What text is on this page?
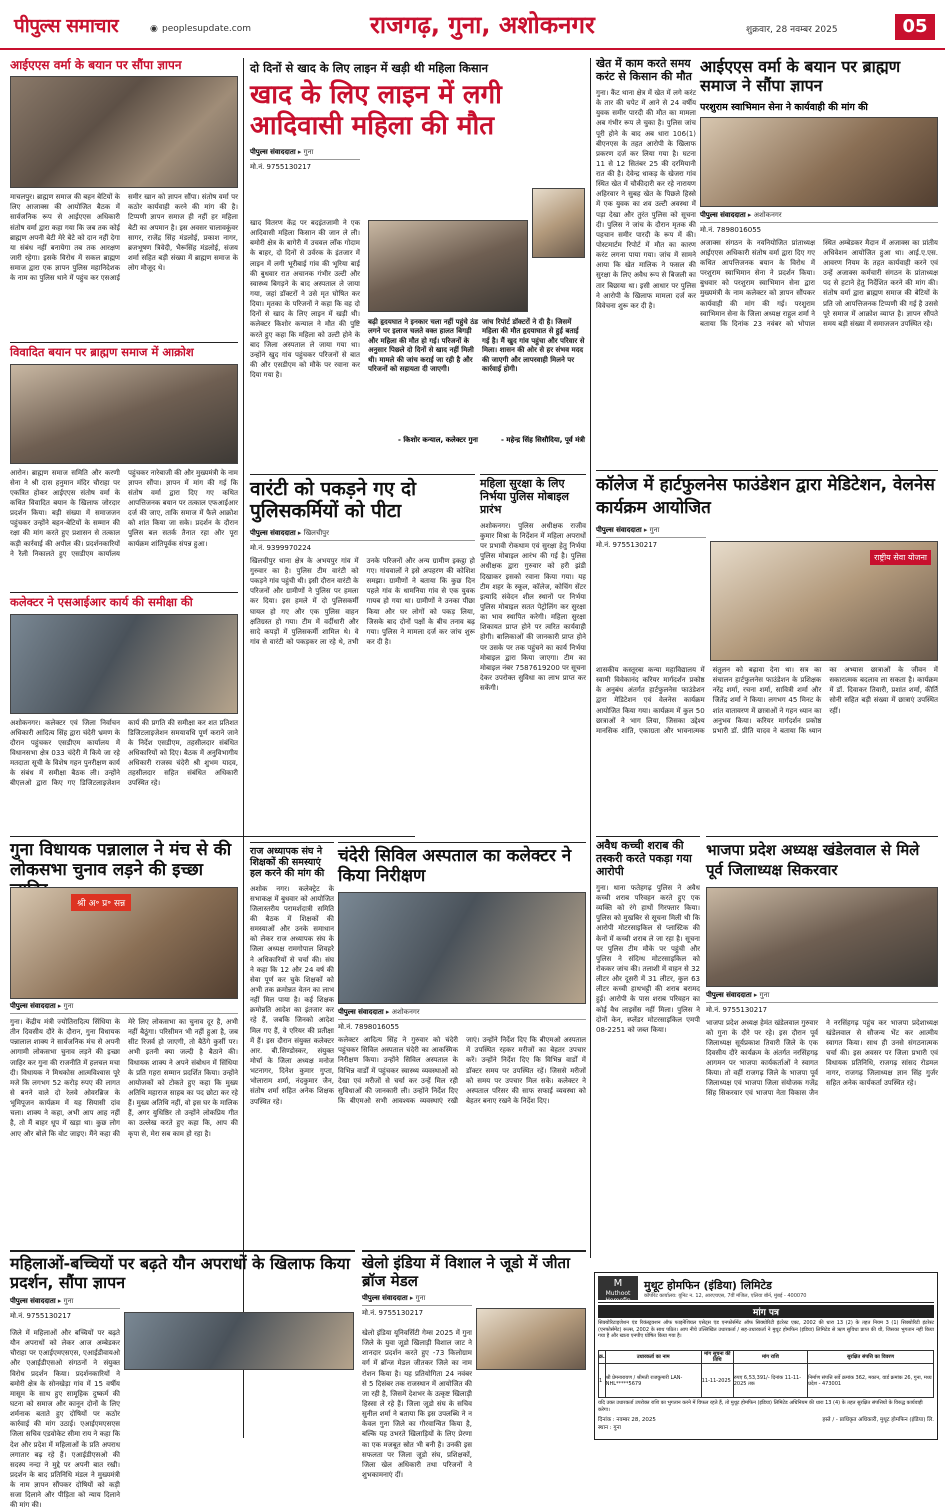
पीपुल्स समाचार	◉ peoplesupdate.com	राजगढ़, गुना, अशोकनगर	शुक्रवार, 28 नवम्बर 2025	05
आईएएस वर्मा के बयान पर सौंपा ज्ञापन
माचलपुर। ब्राह्मण समाज की बहन बेटियों के लिए आजाक्स की आयोजित बैठक में सार्वजनिक रूप से आईएएस अधिकारी संतोष वर्मा द्वारा कहा गया कि जब तक कोई ब्राह्मण अपनी बेटी मेरे बेटे को दान नहीं देगा या संबंध नहीं बनायेगा तब तक आरक्षण जारी रहेगा। इसके विरोध में सकल ब्राह्मण समाज द्वारा एक ज्ञापन पुलिस महानिदेशक के नाम का पुलिस थाने में पहुंच कर एसआई समीर खान को ज्ञापन सौंपा। संतोष वर्मा पर कठोर कार्यवाही करने की मांग की है। टिप्पणी ज्ञापन समाज ही नहीं हर महिला बेटी का अपमान है। इस अवसर चालावकूंवर सागर, राजेंद्र सिंह मंडलोई, प्रकाश नागर, ब्रजभूषण त्रिवेदी, भैरूसिंह मंडलोई, संजय शर्मा सहित बड़ी संख्या में ब्राह्मण समाज के लोग मौजूद थे।
विवादित बयान पर ब्राह्मण समाज में आक्रोश
आरोन। ब्राह्मण समाज समिति और करणी सेना ने श्री दास हनुमान मंदिर चौराहा पर एकत्रित होकर आईएएस संतोष वर्मा के कथित विवादित बयान के खिलाफ जोरदार प्रदर्शन किया। बड़ी संख्या में समाजजन पहुंचकर उन्होंने बहन-बेटियों के सम्मान की रक्षा की मांग करते हुए प्रशासन से तत्काल कड़ी कार्रवाई की अपील की। प्रदर्शनकारियों ने रैली निकालते हुए एसडीएम कार्यालय पहुंचकर नारेबाजी की और मुख्यमंत्री के नाम ज्ञापन सौंपा। ज्ञापन में मांग की गई कि संतोष वर्मा द्वारा दिए गए कथित आपत्तिजनक बयान पर तत्काल एफआईआर दर्ज की जाए, ताकि समाज में फैले आक्रोश को शांत किया जा सके। प्रदर्शन के दौरान पुलिस बल सतर्क तैनात रहा और पूरा कार्यक्रम शांतिपूर्वक संपन्न हुआ।
कलेक्टर ने एसआईआर कार्य की समीक्षा की
अशोकनगर। कलेक्टर एवं जिला निर्वाचन अधिकारी आदित्य सिंह द्वारा चंदेरी भ्रमण के दौरान पहुंचकर एसडीएम कार्यालय में विधानसभा क्षेत्र 033 चंदेरी में किये जा रहे मतदाता सूची के विशेष गहन पुनरीक्षण कार्य के संबंध में समीक्षा बैठक ली। उन्होंने बीएलओ द्वारा किए गए डिजिटलाइजेशन कार्य की प्रगति की समीक्षा कर शत प्रतिशत डिजिटलाइजेशन समयावधि पूर्ण कराने जाने के निर्देश एसडीएम, तहसीलदार संबंधित अधिकारियों को दिए। बैठक में अनुविभागीय अधिकारी राजस्व चंदेरी श्री शुभम यादव, तहसीलदार सहित संबंधित अधिकारी उपस्थित रहे।
गुना विधायक पन्नालाल ने मंच से की लोकसभा चुनाव लड़ने की इच्छा
श्री अ॰ प्र॰ सन्न
पीपुल्स संवाददाता ▸ गुना
गुना। केंद्रीय मंत्री ज्योतिरादित्य सिंधिया के तीन दिवसीय दौरे के दौरान, गुना विधायक पन्नालाल शाक्य ने सार्वजनिक मंच से अपनी आगामी लोकसभा चुनाव लड़ने की इच्छा जाहिर कर गुना की राजनीति में हलचल मचा दी। विधायक ने मिथकोस आत्मविश्वास पूरे मजे कि लगभग 52 करोड़ रुपए की लागत से बनने वाले दो रेलवे ओवरब्रिज के भूमिपूजन कार्यक्रम में यह सियासी दांव चला। शाक्य ने कहा, अभी आप आह नहीं है, तो मैं बाहर धूप में खड़ा था। कुछ लोग आए और बोले कि वोट जाइए। मैंने कहा की मेरे लिए लोकसभा का चुनाव दूर है, अभी नहीं बैठूंगा। परिसीमन भी नहीं हुआ है, जब सीट रिजर्व हो जाएगी, तो बैठेंगे कुर्सी पर। अभी इतनी क्या जल्दी है बैठाने की। विधायक शाक्य ने अपने संबोधन में सिंधिया के प्रति गहरा सम्मान प्रदर्शित किया। उन्होंने आयोजकों को टोकते हुए कहा कि मुख्य अतिथि महाराज साहब का पद छोटा कर रहे हैं। मुख्य अतिथि नहीं, वो इस घर के मालिक हैं, अगर युधिष्ठिर तो उन्होंने लोकप्रिय गीत का उल्लेख करते हुए कहा कि, आप की कृपा से, मेरा सब काम हो रहा है।
दो दिनों से खाद के लिए लाइन में खड़ी थी महिला किसान
खाद के लिए लाइन में लगी आदिवासी महिला की मौत
पीपुल्स संवाददाता ▸ गुना
मो.नं. 9755130217
खाद वितरण केंद्र पर बदइंतजामी ने एक आदिवासी महिला किसान की जान ले ली। बमोरी क्षेत्र के बागेरी में उचवल लाँक गोदाम के बाहर, दो दिनों से उर्वरक के इंतजार में लाइन में लगी भूरीबाई गांव की भूरिया बाई की बुधवार रात अचानक गंभीर उल्टी और स्वास्थ्य बिगड़ने के बाद अस्पताल ले जाया गया, जहां डॉक्टरों ने उसे मृत घोषित कर दिया। मृतका के परिजनों ने कहा कि वह दो दिनों से खाद के लिए लाइन में खड़ी थी। कलेक्टर किशोर कन्याल ने मौत की पुष्टि करते हुए कहा कि महिला को उल्टी होने के बाद जिला अस्पताल ले जाया गया था। उन्होंने खुद गांव पहुंचकर परिजनों से बात की और एसडीएम को मौके पर रवाना कर दिया गया है।
बढ़ी हृदयघात ने इनकार चला नहीं पहुंचे ठंड लगने पर इलाज चलते वक्त हालत बिगड़ी और महिला की मौत हो गई। परिजनों के अनुसार पिछले दो दिनों से खाद नहीं मिली थी। मामले की जांच कराई जा रही है और परिजनों को सहायता दी जाएगी।
- किशोर कन्याल, कलेक्टर गुना
जांच रिपोर्ट डॉक्टरों ने दी है। जिसमें महिला की मौत हृदयाघात से हुई बताई गई है। मैं खुद गांव पहुंचा और परिवार से मिला। शासन की ओर से हर संभव मदद की जाएगी और लापरवाही मिलने पर कार्रवाई होगी।
- महेन्द्र सिंह सिसौदिया, पूर्व मंत्री
वारंटी को पकड़ने गए दो पुलिसकर्मियों को पीटा
पीपुल्स संवाददाता ▸ खिलचीपुर
मो.नं. 9399970224
खिलचीपुर थाना क्षेत्र के अभयपुर गांव में गुरुवार का है। पुलिस टीम वारंटी को पकड़ने गांव पहुंची थी। इसी दौरान वारंटी के परिजनों और ग्रामीणों ने पुलिस पर हमला कर दिया। इस हमले में दो पुलिसकर्मी घायल हो गए और एक पुलिस वाहन क्षतिग्रस्त हो गया। टीम में वर्दीधारी और सादे कपड़ों में पुलिसकर्मी शामिल थे। वे गांव से वारंटी को पकड़कर ला रहे थे, तभी उनके परिजनों और अन्य ग्रामीण इकट्ठा हो गए। गांववालों ने इसे अपहरण की कोशिश समझा। ग्रामीणों ने बताया कि कुछ दिन पहले गांव के धामनिया गांव से एक युवक गायब हो गया था। ग्रामीणों ने उनका पीछा किया और घर लोगों को पकड़ लिया, जिसके बाद दोनों पक्षों के बीच तनाव बढ़ गया। पुलिस ने मामला दर्ज कर जांच शुरू कर दी है।
महिला सुरक्षा के लिए निर्भया पुलिस मोबाइल प्रारंभ
अशोकनगर। पुलिस अधीक्षक राजीव कुमार मिश्रा के निर्देशन में महिला अपराधों पर प्रभावी रोकथाम एवं सुरक्षा हेतु निर्भया पुलिस मोबाइल आरंभ की गई है। पुलिस अधीक्षक द्वारा गुरुवार को हरी झंडी दिखाकर इसको रवाना किया गया। यह टीम शहर के स्कूल, कॉलेज, कोचिंग सेंटर इत्यादि संवेदन शील स्थानों पर निर्भया पुलिस मोबाइल सतत पेट्रोलिंग कर सुरक्षा का भाव स्थापित करेगी। महिला सुरक्षा शिकायत प्राप्त होने पर त्वरित कार्यवाही होगी। बालिकाओं की जानकारी प्राप्त होने पर उसके पर तक पहुंचने का कार्य निर्भया मोबाइल द्वारा किया जाएगा। टीम का मोबाइल नंबर 7587619200 पर सूचना देकर उपरोक्त सुविधा का लाभ प्राप्त कर सकेंगी।
चंदेरी सिविल अस्पताल का कलेक्टर ने किया निरीक्षण
पीपुल्स संवाददाता ▸ अशोकनगर
मो.नं. 7898016055
कलेक्टर आदित्य सिंह ने गुरुवार को चंदेरी पहुंचकर सिविल अस्पताल चंदेरी का आकस्मिक निरीक्षण किया। उन्होंने सिविल अस्पताल के विभिन्न वार्डों में पहुंचकर स्वास्थ्य व्यवस्थाओं को देखा एवं मरीजों से चर्चा कर उन्हें मिल रही सुविधाओं की जानकारी ली। उन्होंने निर्देश दिए कि बीएमओ सभी आवश्यक व्यवस्थाएं रखी जाएं। उन्होंने निर्देश दिए कि बीएमओ अस्पताल में उपस्थित रहकर मरीजों का बेहतर उपचार करें। उन्होंने निर्देश दिए कि विभिन्न वार्डों में डॉक्टर समय पर उपस्थित रहें। जिससे मरीजों को समय पर उपचार मिल सके। कलेक्टर ने अस्पताल परिसर की साफ सफाई व्यवस्था को बेहतर बनाए रखने के निर्देश दिए।
राज अध्यापक संघ ने शिक्षकों की समस्याएं हल करने की मांग की
अशोक नगर। कलेक्ट्रेट के सभाकक्ष में बुधवार को आयोजित जिलास्तरीय परामर्शदात्री समिति की बैठक में शिक्षकों की समस्याओं और उनके समाधान को लेकर राज अध्यापक संघ के जिला अध्यक्ष रामगोपाल शिवहरे ने अधिकारियों से चर्चा की। संघ ने कहा कि 12 और 24 वर्ष की सेवा पूर्ण कर चुके शिक्षकों को अभी तक क्रमोन्नत वेतन का लाभ नहीं मिल पाया है। कई शिक्षक क्रमोन्नति आदेश का इंतजार कर रहे हैं, जबकि जिनको आदेश मिल गए हैं, वे एरियर की प्रतीक्षा में हैं। इस दौरान संयुक्त कलेक्टर आर. बी.सिण्डोस्कर, संयुक्त मोर्चा के जिला अध्यक्ष मनोज भटनागर, दिनेश कुमार गुप्ता, भोलाराम शर्मा, नंदकुमार जैन, संतोष शर्मा सहित अनेक शिक्षक उपस्थित रहे।
आईएएस वर्मा के बयान पर ब्राह्मण समाज ने सौंपा ज्ञापन
परशुराम स्वाभिमान सेना ने कार्यवाही की मांग की
पीपुल्स संवाददाता ▸ अशोकनगर
मो.नं. 7898016055
अजाक्स संगठन के नवनियोजित प्रांताध्यक्ष आईएएस अधिकारी संतोष वर्मा द्वारा दिए गए कथित आपत्तिजनक बयान के विरोध में परशुराम स्वाभिमान सेना ने प्रदर्शन किया। बुधवार को परशुराम स्वाभिमान सेना द्वारा मुख्यमंत्री के नाम कलेक्टर को ज्ञापन सौंपकर कार्यवाही की मांग की गई। परशुराम स्वाभिमान सेना के जिला अध्यक्ष राहुल शर्मा ने बताया कि दिनांक 23 नवंबर को भोपाल स्थित अम्बेडकर मैदान में अजाक्स का प्रांतीय अधिवेशन आयोजित हुआ था। आई.ए.एस. आवरण नियम के तहत कार्यवाही करने एवं उन्हें अजाक्स कर्मचारी संगठन के प्रांताध्यक्ष पद से हटाने हेतु निर्देशित करने की मांग की। संतोष वर्मा द्वारा ब्राह्मण समाज की बेटियों के प्रति जो आपत्तिजनक टिप्पणी की गई है उससे पूरे समाज में आक्रोश व्याप्त है। ज्ञापन सौंपते समय बड़ी संख्या में समाजजन उपस्थित रहे।
खेत में काम करते समय करंट से किसान की मौत
गुना। कैंट थाना क्षेत्र में खेत में लगे करंट के तार की चपेट में आने से 24 वर्षीय युवक समीर पारदी की मौत का मामला अब गंभीर रूप ले चुका है। पुलिस जांच पूरी होने के बाद अब धारा 106(1) बीएनएस के तहत आरोपी के खिलाफ प्रकरण दर्ज कर लिया गया है। घटना 11 से 12 सितंबर 25 की दरमियानी रात की है। देवेन्द्र धाकड़ के खेजरा गांव स्थित खेत में चौकीदारी कर रहे नारायण अहिरवार ने सुबह खेत के पिछले हिस्से में एक युवक का शव उल्टी अवस्था में पड़ा देखा और तुरंत पुलिस को सूचना दी। पुलिस ने जांच के दौरान मृतक की पहचान समीर पारदी के रूप में की। पोस्टमार्टम रिपोर्ट में मौत का कारण करंट लगना पाया गया। जांच में सामने आया कि खेत मालिक ने फसल की सुरक्षा के लिए अवैध रूप से बिजली का तार बिछाया था। इसी आधार पर पुलिस ने आरोपी के खिलाफ मामला दर्ज कर विवेचना शुरू कर दी है।
कॉलेज में हार्टफुलनेस फाउंडेशन द्वारा मेडिटेशन, वेलनेस कार्यक्रम आयोजित
पीपुल्स संवाददाता ▸ गुना
मो.नं. 9755130217
राष्ट्रीय सेवा योजना
शासकीय कस्तूरबा कन्या महाविद्यालय में स्वामी विवेकानंद करियर मार्गदर्शन प्रकोष्ठ के अनुबंध अंतर्गत हार्टफुलनेस फाउंडेशन द्वारा मेडिटेशन एवं वेलनेस कार्यक्रम आयोजित किया गया। कार्यक्रम में कुल 50 छात्राओं ने भाग लिया, जिसका उद्देश्य मानसिक शांति, एकाग्रता और भावनात्मक संतुलन को बढ़ावा देना था। सत्र का संचालन हार्टफुलनेस फाउंडेशन के प्रशिक्षक नरेंद्र शर्मा, रचना शर्मा, सावित्री शर्मा और जितेंद्र शर्मा ने किया। लगभग 45 मिनट के शांत वातावरण में छात्राओं ने गहन ध्यान का अनुभव किया। करियर मार्गदर्शन प्रकोष्ठ प्रभारी डॉ. प्रीति यादव ने बताया कि ध्यान का अभ्यास छात्राओं के जीवन में सकारात्मक बदलाव ला सकता है। कार्यक्रम में डॉ. दिवाकर तिवारी, प्रशांत शर्मा, कीर्ति सोनी सहित बड़ी संख्या में छात्राएं उपस्थित रहीं।
अवैध कच्ची शराब की तस्करी करते पकड़ा गया आरोपी
गुना। थाना फतेहगढ़ पुलिस ने अवैध कच्ची शराब परिवहन करते हुए एक व्यक्ति को रंगे हाथों गिरफ्तार किया। पुलिस को मुखबिर से सूचना मिली थी कि आरोपी मोटरसाइकिल से प्लास्टिक की केनों में कच्ची शराब ले जा रहा है। सूचना पर पुलिस टीम मौके पर पहुंची और पुलिस ने संदिग्ध मोटरसाइकिल को रोककर जांच की। तलाशी में वाहन से 32 लीटर और दूसरी में 31 लीटर, कुल 63 लीटर कच्ची हाथभट्टी की शराब बरामद हुई। आरोपी के पास शराब परिवहन का कोई वैध लाइसेंस नहीं मिला। पुलिस ने दोनों केन, स्प्लेंडर मोटरसाइकिल एमपी 08-2251 को जब्त किया।
भाजपा प्रदेश अध्यक्ष खंडेलवाल से मिले पूर्व जिलाध्यक्ष सिकरवार
पीपुल्स संवाददाता ▸ गुना
मो.नं. 9755130217
भाजपा प्रदेश अध्यक्ष हेमंत खंडेलवाल गुरुवार को गुना के दौरे पर रहे। इस दौरान पूर्व जिलाध्यक्ष सूर्यप्रकाश तिवारी जिले के एक दिवसीय दौरे कार्यक्रम के अंतर्गत नरसिंहगढ़ आगमन पर भाजपा कार्यकर्ताओं ने स्वागत किया। तो वहीं राजगढ़ जिले के भाजपा पूर्व जिलाध्यक्ष एवं भाजपा जिला संयोजक गजेंद्र सिंह सिकरवार एवं भाजपा नेता विकास जैन ने नरसिंहगढ़ पहुंच कर भाजपा प्रदेशाध्यक्ष खंडेलवाल से सौजन्य भेंट कर आत्मीय स्वागत किया। साथ ही उनसे संगठनात्मक चर्चा की। इस अवसर पर जिला प्रभारी एवं विधायक प्रतिनिधि, राजगढ़ सांसद रोडमल नागर, राजगढ़ जिलाध्यक्ष ज्ञान सिंह गुर्जर सहित अनेक कार्यकर्ता उपस्थित रहे।
महिलाओं-बच्चियों पर बढ़ते यौन अपराधों के खिलाफ किया प्रदर्शन, सौंपा ज्ञापन
पीपुल्स संवाददाता ▸ गुना
मो.नं. 9755130217
जिले में महिलाओं और बच्चियों पर बढ़ते यौन अपराधों को लेकर आज अम्बेडकर चौराहा पर एआईएमएसएस, एआईडीवायओ और एआईडीएसओ संगठनों ने संयुक्त विरोध प्रदर्शन किया। प्रदर्शनकारियों ने बमोरी क्षेत्र के सोनखेड़ा गांव में 15 वर्षीय मासूम के साथ हुए सामूहिक दुष्कर्म की घटना को समाज और कानून दोनों के लिए शर्मनाक बताते हुए दोषियों पर कठोर कार्रवाई की मांग उठाई। एआईएमएसएस जिला सचिव एडवोकेट सीमा राय ने कहा कि देश और प्रदेश में महिलाओं के प्रति अपराध लगातार बढ़ रहे हैं। एआईडीएसओ की सदस्य नन्दा ने मुद्दे पर अपनी बात रखी। प्रदर्शन के बाद प्रतिनिधि मंडल ने मुख्यमंत्री के नाम ज्ञापन सौंपकर दोषियों को कड़ी सजा दिलाने और पीड़िता को न्याय दिलाने की मांग की।
खेलो इंडिया में विशाल ने जूडो में जीता ब्रॉज मेडल
पीपुल्स संवाददाता ▸ गुना
मो.नं. 9755130217
खेलो इंडिया यूनिवर्सिटी गेम्स 2025 में गुना जिले के युवा जूडो खिलाड़ी विशाल जाट ने शानदार प्रदर्शन करते हुए -73 किलोग्राम वर्ग में ब्रॉन्ज मेडल जीतकर जिले का नाम रोशन किया है। यह प्रतियोगिता 24 नवंबर से 5 दिसंबर तक राजस्थान में आयोजित की जा रही है, जिसमें देशभर के उत्कृष्ट खिलाड़ी हिस्सा ले रहे हैं। जिला जूडो संघ के सचिव सुनील शर्मा ने बताया कि इस उपलब्धि ने न केवल गुना जिले का गौरवान्वित किया है, बल्कि यह उभरते खिलाड़ियों के लिए प्रेरणा का एक मजबूत स्रोत भी बनी है। उनकी इस सफलता पर जिला जूडो संघ, प्रशिक्षकों, जिला खेल अधिकारी तथा परिजनों ने शुभकामनाएं दीं।
M
Muthoot Homefin
मुथूट होमफिन (इंडिया) लिमिटेड
कॉर्पोरेट कार्यालय: यूनिट न. 12, आरएचएस, 7वीं मंजिल, एलिया बॉर्न, मुंबई - 400070
मांग पत्र
सिक्योरिटाइजेशन एंड रिकंस्ट्रक्शन ऑफ फाइनेंशियल एसेट्स एंड एनफोर्समेंट ऑफ सिक्योरिटी इंटरेस्ट एक्ट, 2002 की धारा 13 (2) के तहत नियम 3 (1) सिक्योरिटी इंटरेस्ट (एनफोर्समेंट) रूल्स, 2002 के साथ पठित। आप नीचे उल्लिखित उधारकर्ता / सह-उधारकर्ता ने मुथूट होमफिन (इंडिया) लिमिटेड से ऋण सुविधा प्राप्त की थी, जिसका भुगतान नहीं किया गया है और खाता एनपीए घोषित किया गया है।
क्र.	उधारकर्ता का नाम	मांग सूचना की तिथि	मांग राशि	सुरक्षित संपत्ति का विवरण
1	श्री प्रेमनारायण / श्रीमती राजकुमारी LAN- NHL*****5679	11-11-2025	रुपए 6,53,391/- दिनांक 11-11-2025 तक	निर्माण संपत्ति सर्वे क्रमांक 362, मकान, वार्ड क्रमांक 26, गुना, मध्य प्रदेश - 473001
यदि उक्त उधारकर्ता उपरोक्त राशि का भुगतान करने में विफल रहते हैं, तो मुथूट होमफिन (इंडिया) लिमिटेड अधिनियम की धारा 13 (4) के तहत सुरक्षित संपत्तियों के विरुद्ध कार्यवाही करेगा।
दिनांक : नवम्बर 28, 2025
स्थान : गुना
हस्ते / - प्राधिकृत अधिकारी, मुथूट होमफिन (इंडिया) लि.
